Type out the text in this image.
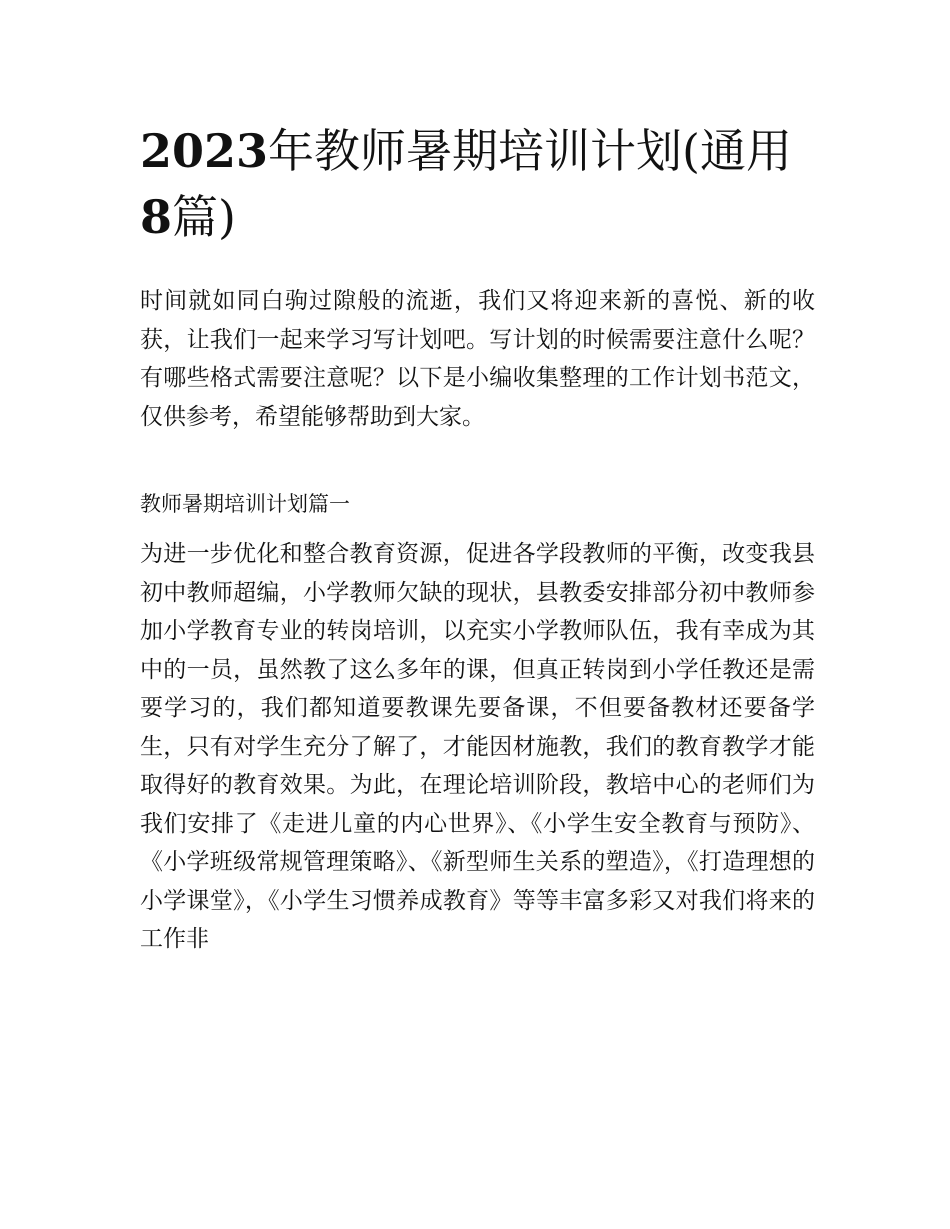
2023年教师暑期培训计划(通用8篇)

时间就如同白驹过隙般的流逝，我们又将迎来新的喜悦、新的收获，让我们一起来学习写计划吧。写计划的时候需要注意什么呢？有哪些格式需要注意呢？以下是小编收集整理的工作计划书范文，仅供参考，希望能够帮助到大家。

教师暑期培训计划篇一

为进一步优化和整合教育资源，促进各学段教师的平衡，改变我县初中教师超编，小学教师欠缺的现状，县教委安排部分初中教师参加小学教育专业的转岗培训，以充实小学教师队伍，我有幸成为其中的一员，虽然教了这么多年的课，但真正转岗到小学任教还是需要学习的，我们都知道要教课先要备课，不但要备教材还要备学生，只有对学生充分了解了，才能因材施教，我们的教育教学才能取得好的教育效果。为此，在理论培训阶段，教培中心的老师们为我们安排了《走进儿童的内心世界》、《小学生安全教育与预防》、《小学班级常规管理策略》、《新型师生关系的塑造》，《打造理想的小学课堂》，《小学生习惯养成教育》等等丰富多彩又对我们将来的工作非
